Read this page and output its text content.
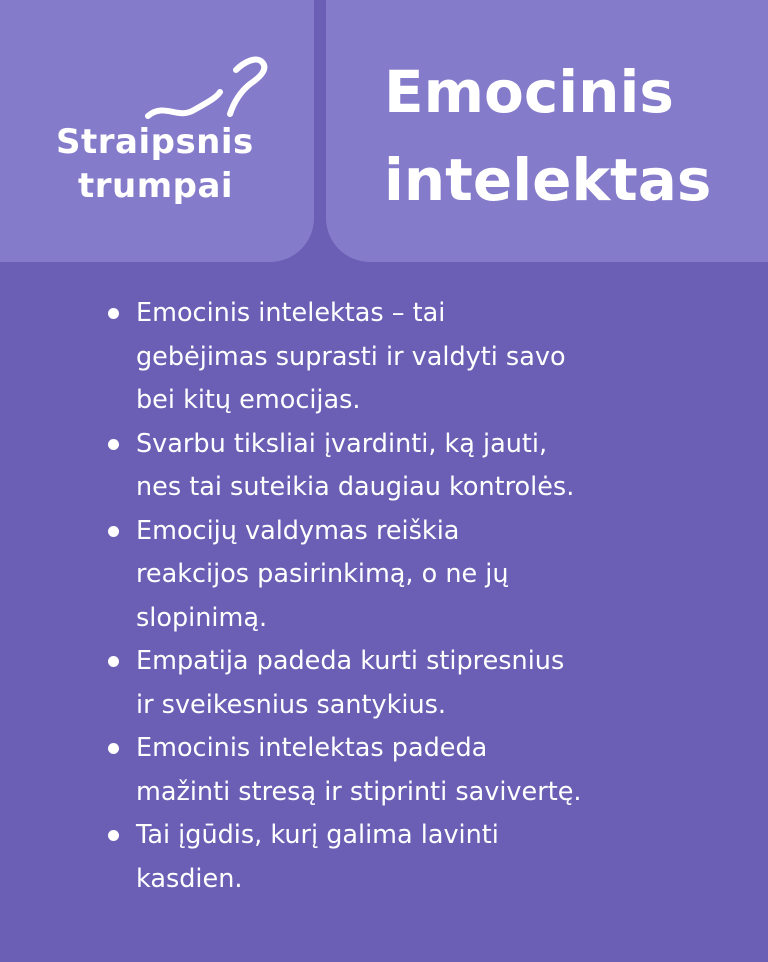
Straipsnis
trumpai
Emocinis
intelektas
Emocinis intelektas – tai
gebėjimas suprasti ir valdyti savo
bei kitų emocijas.
Svarbu tiksliai įvardinti, ką jauti,
nes tai suteikia daugiau kontrolės.
Emocijų valdymas reiškia
reakcijos pasirinkimą, o ne jų
slopinimą.
Empatija padeda kurti stipresnius
ir sveikesnius santykius.
Emocinis intelektas padeda
mažinti stresą ir stiprinti savivertę.
Tai įgūdis, kurį galima lavinti
kasdien.
